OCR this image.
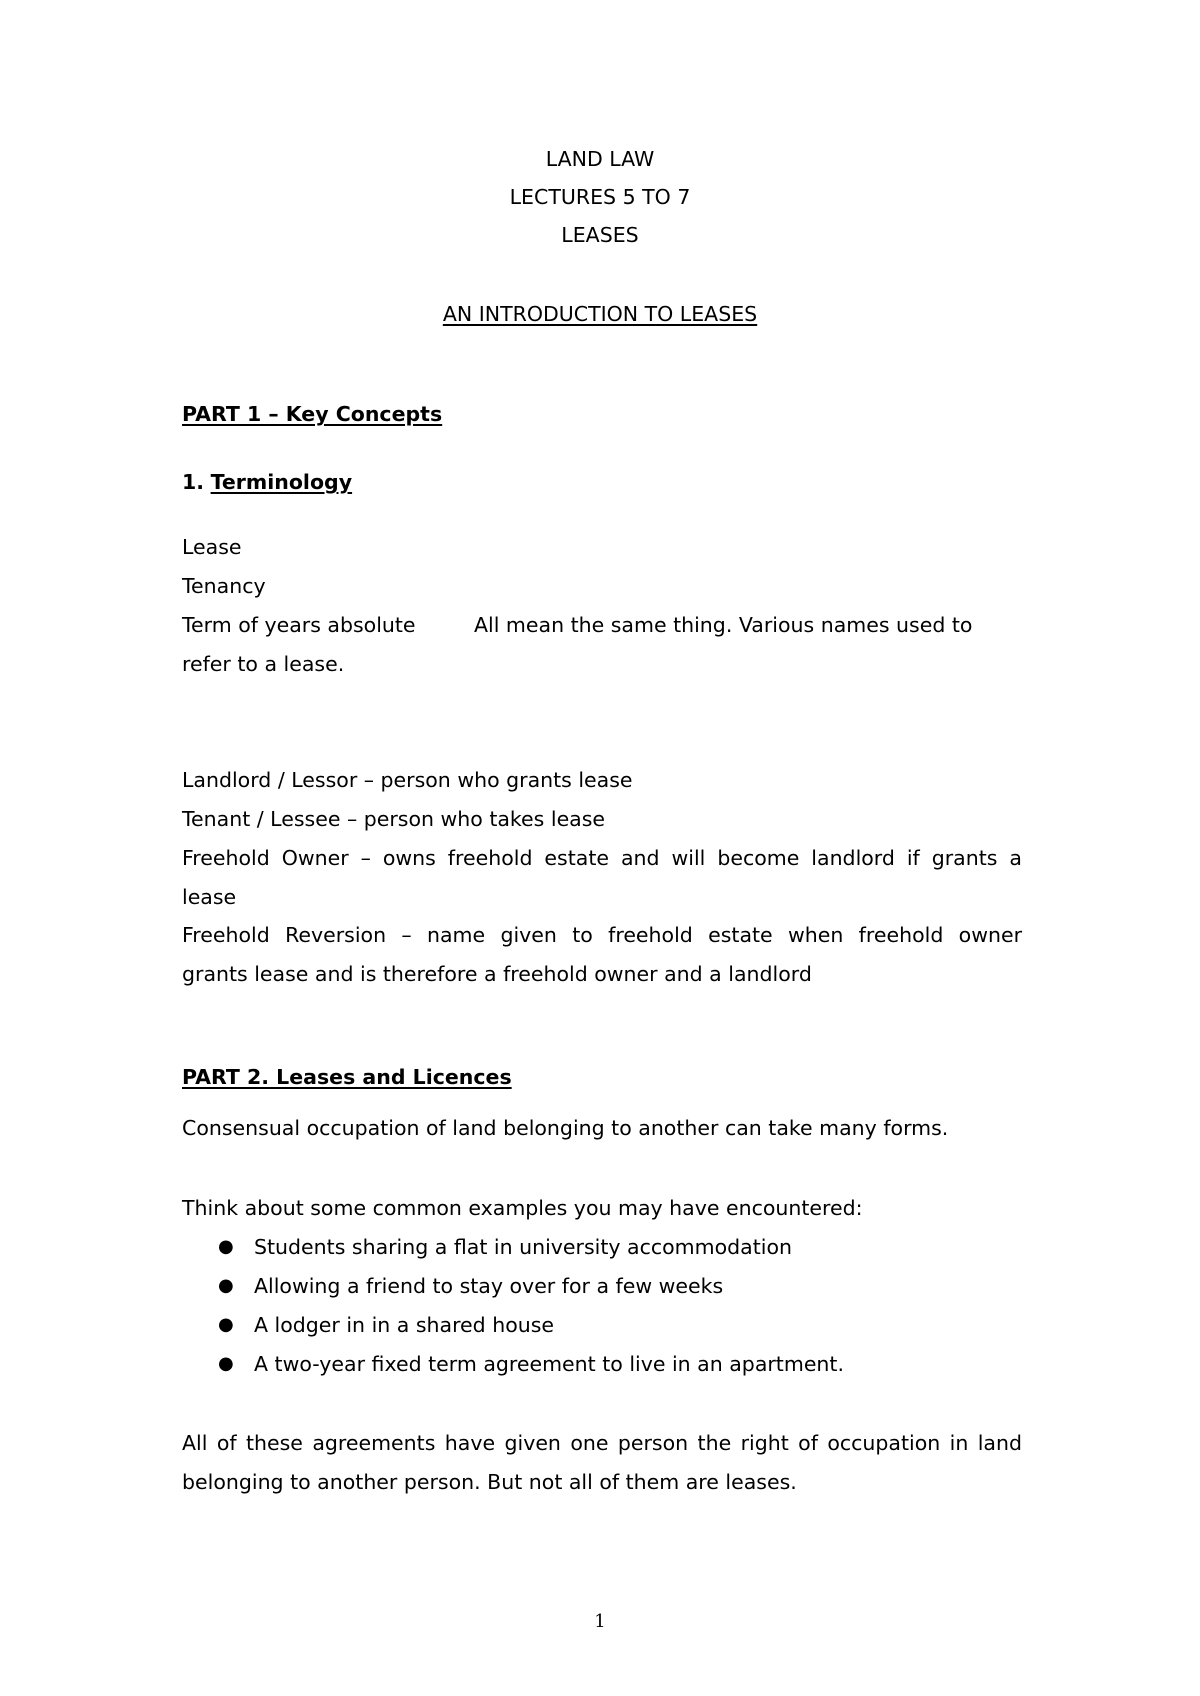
LAND LAW
LECTURES 5 TO 7
LEASES
AN INTRODUCTION TO LEASES
PART 1 – Key Concepts
1. Terminology
Lease
Tenancy
Term of years absolute	All mean the same thing. Various names used to
refer to a lease.
Landlord / Lessor – person who grants lease
Tenant / Lessee – person who takes lease
Freehold Owner – owns freehold estate and will become landlord if grants a
lease
Freehold Reversion – name given to freehold estate when freehold owner
grants lease and is therefore a freehold owner and a landlord
PART 2. Leases and Licences
Consensual occupation of land belonging to another can take many forms.
Think about some common examples you may have encountered:
● Students sharing a flat in university accommodation
● Allowing a friend to stay over for a few weeks
● A lodger in in a shared house
● A two-year fixed term agreement to live in an apartment.
All of these agreements have given one person the right of occupation in land
belonging to another person. But not all of them are leases.
1
